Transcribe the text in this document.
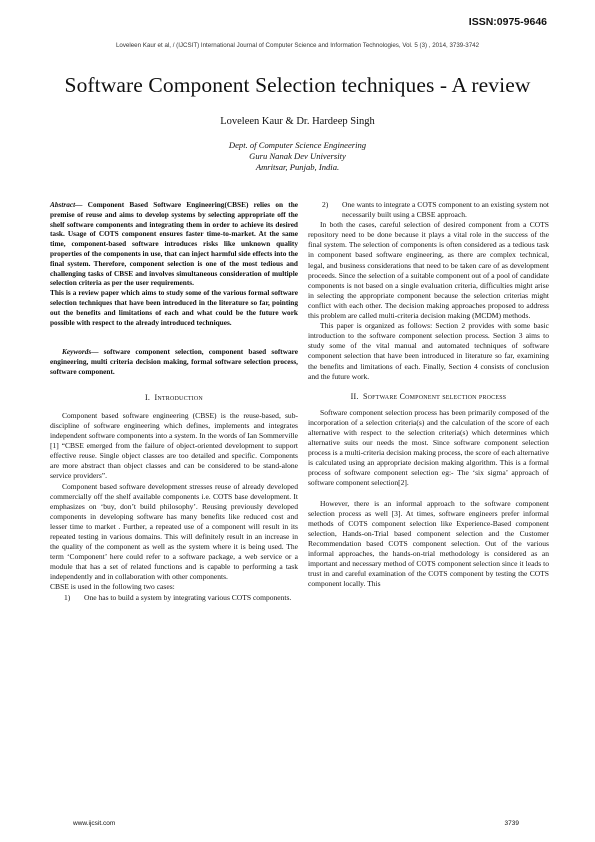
ISSN:0975-9646
Loveleen Kaur et al, / (IJCSIT) International Journal of Computer Science and Information Technologies, Vol. 5 (3) , 2014, 3739-3742
Software Component Selection techniques - A review
Loveleen Kaur & Dr. Hardeep Singh
Dept. of Computer Science Engineering
Guru Nanak Dev University
Amritsar, Punjab, India.

Abstract— Component Based Software Engineering(CBSE) relies on the premise of reuse and aims to develop systems by selecting appropriate off the shelf software components and integrating them in order to achieve its desired task. Usage of COTS component ensures faster time-to-market. At the same time, component-based software introduces risks like unknown quality properties of the components in use, that can inject harmful side effects into the final system. Therefore, component selection is one of the most tedious and challenging tasks of CBSE and involves simultaneous consideration of multiple selection criteria as per the user requirements.

This is a review paper which aims to study some of the various formal software selection techniques that have been introduced in the literature so far, pointing out the benefits and limitations of each and what could be the future work possible with respect to the already introduced techniques.

Keywords— software component selection, component based software engineering, multi criteria decision making, formal software selection process, software component.

I. Introduction

Component based software engineering (CBSE) is the reuse-based, sub-discipline of software engineering which defines, implements and integrates independent software components into a system. In the words of Ian Sommerville [1] “CBSE emerged from the failure of object-oriented development to support effective reuse. Single object classes are too detailed and specific. Components are more abstract than object classes and can be considered to be stand-alone service providers”.

Component based software development stresses reuse of already developed commercially off the shelf available components i.e. COTS base development. It emphasizes on ‘buy, don’t build philosophy’. Reusing previously developed components in developing software has many benefits like reduced cost and lesser time to market . Further, a repeated use of a component will result in its repeated testing in various domains. This will definitely result in an increase in the quality of the component as well as the system where it is being used. The term ‘Component’ here could refer to a software package, a web service or a module that has a set of related functions and is capable to performing a task independently and in collaboration with other components.

CBSE is used in the following two cases:

1) One has to build a system by integrating various COTS components.
2) One wants to integrate a COTS component to an existing system not necessarily built using a CBSE approach.

In both the cases, careful selection of desired component from a COTS repository need to be done because it plays a vital role in the success of the final system. The selection of components is often considered as a tedious task in component based software engineering, as there are complex technical, legal, and business considerations that need to be taken care of as development proceeds. Since the selection of a suitable component out of a pool of candidate components is not based on a single evaluation criteria, difficulties might arise in selecting the appropriate component because the selection criterias might conflict with each other. The decision making approaches proposed to address this problem are called multi-criteria decision making (MCDM) methods.

This paper is organized as follows: Section 2 provides with some basic introduction to the software component selection process. Section 3 aims to study some of the vital manual and automated techniques of software component selection that have been introduced in literature so far, examining the benefits and limitations of each. Finally, Section 4 consists of conclusion and the future work.

II. Software Component selection process

Software component selection process has been primarily composed of the incorporation of a selection criteria(s) and the calculation of the score of each alternative with respect to the selection criteria(s) which determines which alternative suits our needs the most. Since software component selection process is a multi-criteria decision making process, the score of each alternative is calculated using an appropriate decision making algorithm. This is a formal process of software component selection eg:- The ‘six sigma’ approach of software component selection[2].

However, there is an informal approach to the software component selection process as well [3]. At times, software engineers prefer informal methods of COTS component selection like Experience-Based component selection, Hands-on-Trial based component selection and the Customer Recommendation based COTS component selection. Out of the various informal approaches, the hands-on-trial methodology is considered as an important and necessary method of COTS component selection since it leads to trust in and careful examination of the COTS component by testing the COTS component locally. This

www.ijcsit.com	3739
